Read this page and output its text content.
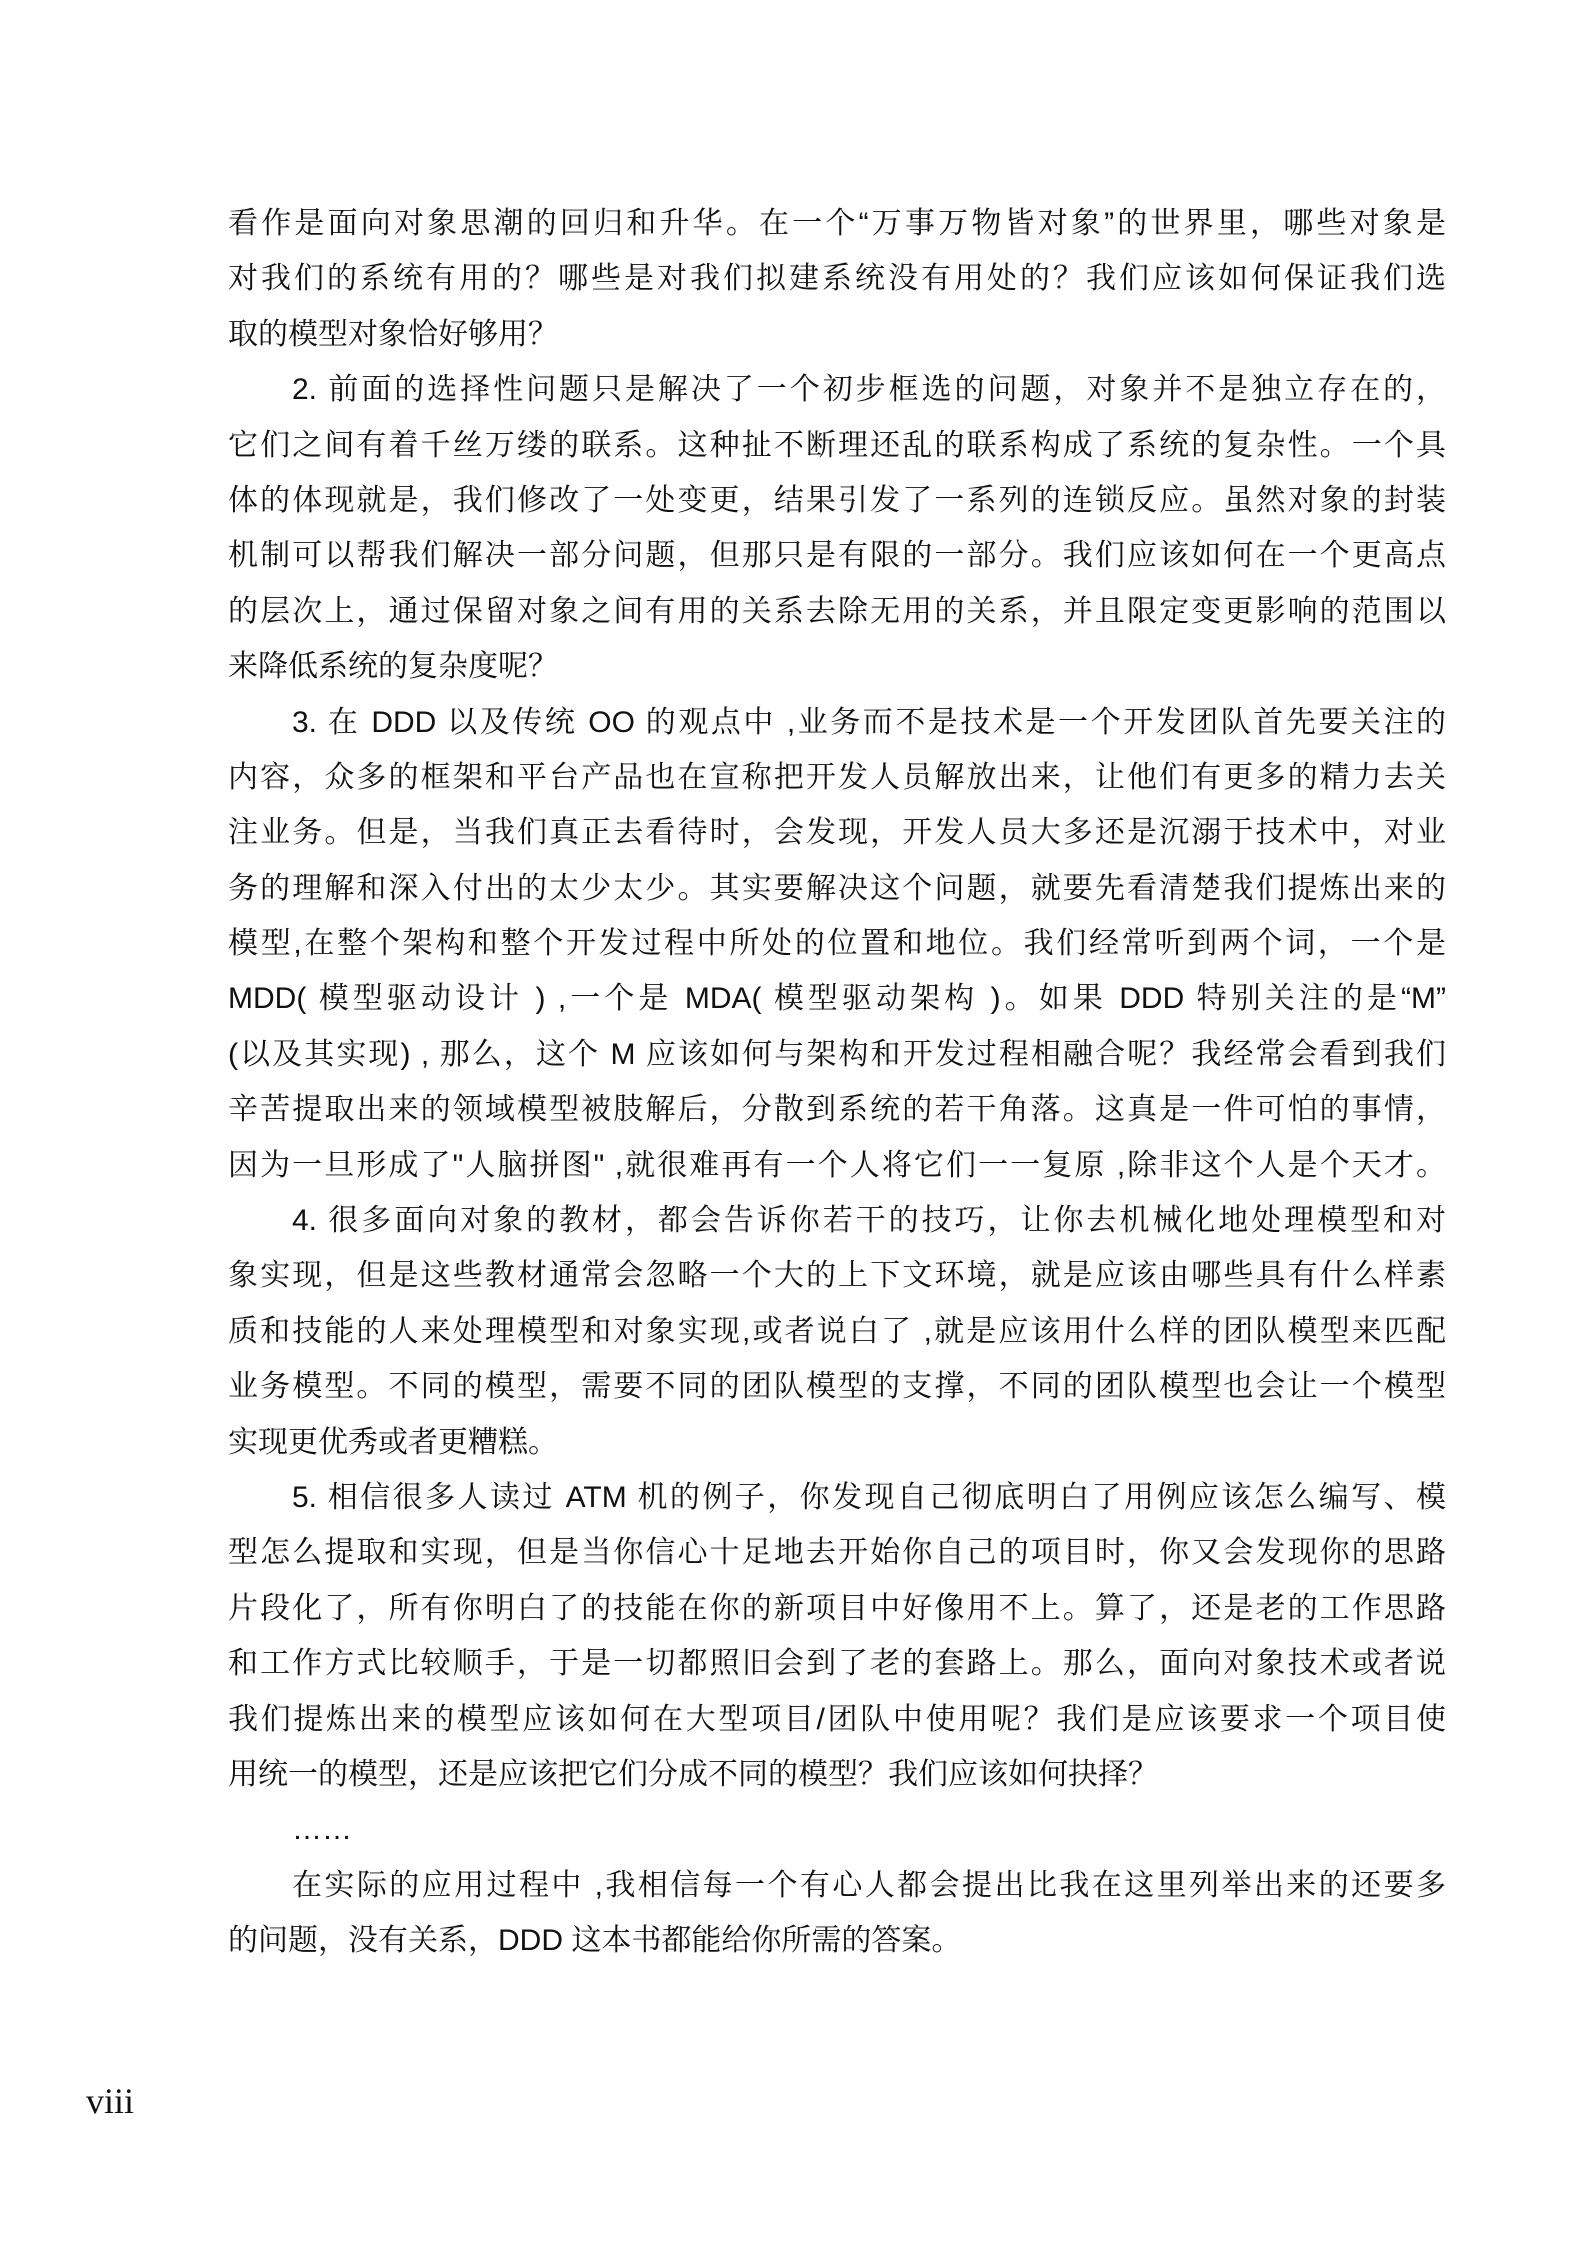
看作是面向对象思潮的回归和升华。在一个“万事万物皆对象”的世界里，哪些对象是
对我们的系统有用的？哪些是对我们拟建系统没有用处的？我们应该如何保证我们选
取的模型对象恰好够用？
2. 前面的选择性问题只是解决了一个初步框选的问题，对象并不是独立存在的，
它们之间有着千丝万缕的联系。这种扯不断理还乱的联系构成了系统的复杂性。一个具
体的体现就是，我们修改了一处变更，结果引发了一系列的连锁反应。虽然对象的封装
机制可以帮我们解决一部分问题，但那只是有限的一部分。我们应该如何在一个更高点
的层次上，通过保留对象之间有用的关系去除无用的关系，并且限定变更影响的范围以
来降低系统的复杂度呢？
3. 在 DDD 以及传统 OO 的观点中 ,业务而不是技术是一个开发团队首先要关注的
内容，众多的框架和平台产品也在宣称把开发人员解放出来，让他们有更多的精力去关
注业务。但是，当我们真正去看待时，会发现，开发人员大多还是沉溺于技术中，对业
务的理解和深入付出的太少太少。其实要解决这个问题，就要先看清楚我们提炼出来的
模型,在整个架构和整个开发过程中所处的位置和地位。我们经常听到两个词，一个是
MDD( 模型驱动设计 ) ,一个是 MDA( 模型驱动架构 )。如果 DDD 特别关注的是“M”
(以及其实现) , 那么，这个 M 应该如何与架构和开发过程相融合呢？我经常会看到我们
辛苦提取出来的领域模型被肢解后，分散到系统的若干角落。这真是一件可怕的事情，
因为一旦形成了"人脑拼图" ,就很难再有一个人将它们一一复原 ,除非这个人是个天才。
4. 很多面向对象的教材，都会告诉你若干的技巧，让你去机械化地处理模型和对
象实现，但是这些教材通常会忽略一个大的上下文环境，就是应该由哪些具有什么样素
质和技能的人来处理模型和对象实现,或者说白了 ,就是应该用什么样的团队模型来匹配
业务模型。不同的模型，需要不同的团队模型的支撑，不同的团队模型也会让一个模型
实现更优秀或者更糟糕。
5. 相信很多人读过 ATM 机的例子，你发现自己彻底明白了用例应该怎么编写、模
型怎么提取和实现，但是当你信心十足地去开始你自己的项目时，你又会发现你的思路
片段化了，所有你明白了的技能在你的新项目中好像用不上。算了，还是老的工作思路
和工作方式比较顺手，于是一切都照旧会到了老的套路上。那么，面向对象技术或者说
我们提炼出来的模型应该如何在大型项目/团队中使用呢？我们是应该要求一个项目使
用统一的模型，还是应该把它们分成不同的模型？我们应该如何抉择？
……
在实际的应用过程中 ,我相信每一个有心人都会提出比我在这里列举出来的还要多
的问题，没有关系，DDD 这本书都能给你所需的答案。
viii
